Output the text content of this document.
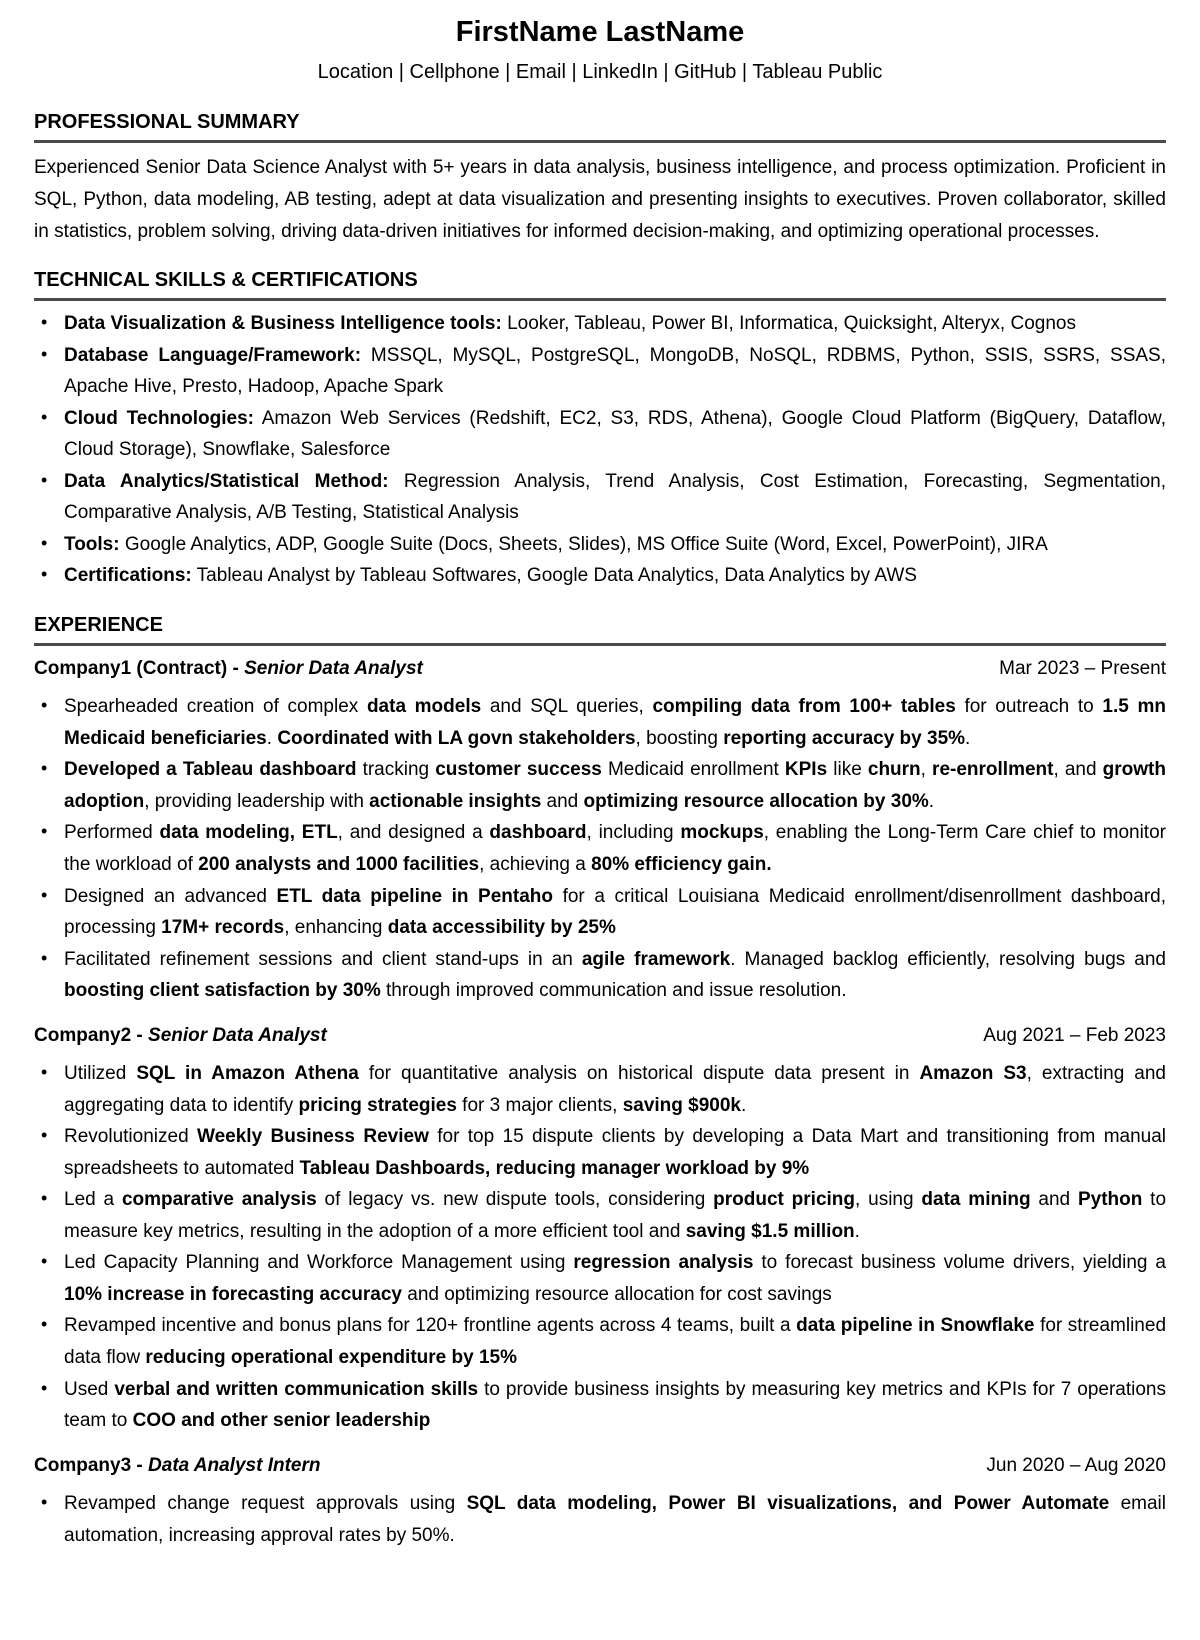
FirstName LastName
Location | Cellphone | Email | LinkedIn | GitHub | Tableau Public
PROFESSIONAL SUMMARY

Experienced Senior Data Science Analyst with 5+ years in data analysis, business intelligence, and process optimization. Proficient in SQL, Python, data modeling, AB testing, adept at data visualization and presenting insights to executives. Proven collaborator, skilled in statistics, problem solving, driving data-driven initiatives for informed decision-making, and optimizing operational processes.

TECHNICAL SKILLS & CERTIFICATIONS
• Data Visualization & Business Intelligence tools: Looker, Tableau, Power BI, Informatica, Quicksight, Alteryx, Cognos
• Database Language/Framework: MSSQL, MySQL, PostgreSQL, MongoDB, NoSQL, RDBMS, Python, SSIS, SSRS, SSAS, Apache Hive, Presto, Hadoop, Apache Spark
• Cloud Technologies: Amazon Web Services (Redshift, EC2, S3, RDS, Athena), Google Cloud Platform (BigQuery, Dataflow, Cloud Storage), Snowflake, Salesforce
• Data Analytics/Statistical Method: Regression Analysis, Trend Analysis, Cost Estimation, Forecasting, Segmentation, Comparative Analysis, A/B Testing, Statistical Analysis
• Tools: Google Analytics, ADP, Google Suite (Docs, Sheets, Slides), MS Office Suite (Word, Excel, PowerPoint), JIRA
• Certifications: Tableau Analyst by Tableau Softwares, Google Data Analytics, Data Analytics by AWS
EXPERIENCE
Company1 (Contract) - Senior Data Analyst	Mar 2023 – Present
• Spearheaded creation of complex data models and SQL queries, compiling data from 100+ tables for outreach to 1.5 mn Medicaid beneficiaries. Coordinated with LA govn stakeholders, boosting reporting accuracy by 35%.
• Developed a Tableau dashboard tracking customer success Medicaid enrollment KPIs like churn, re-enrollment, and growth adoption, providing leadership with actionable insights and optimizing resource allocation by 30%.
• Performed data modeling, ETL, and designed a dashboard, including mockups, enabling the Long-Term Care chief to monitor the workload of 200 analysts and 1000 facilities, achieving a 80% efficiency gain.
• Designed an advanced ETL data pipeline in Pentaho for a critical Louisiana Medicaid enrollment/disenrollment dashboard, processing 17M+ records, enhancing data accessibility by 25%
• Facilitated refinement sessions and client stand-ups in an agile framework. Managed backlog efficiently, resolving bugs and boosting client satisfaction by 30% through improved communication and issue resolution.
Company2 - Senior Data Analyst	Aug 2021 – Feb 2023
• Utilized SQL in Amazon Athena for quantitative analysis on historical dispute data present in Amazon S3, extracting and aggregating data to identify pricing strategies for 3 major clients, saving $900k.
• Revolutionized Weekly Business Review for top 15 dispute clients by developing a Data Mart and transitioning from manual spreadsheets to automated Tableau Dashboards, reducing manager workload by 9%
• Led a comparative analysis of legacy vs. new dispute tools, considering product pricing, using data mining and Python to measure key metrics, resulting in the adoption of a more efficient tool and saving $1.5 million.
• Led Capacity Planning and Workforce Management using regression analysis to forecast business volume drivers, yielding a 10% increase in forecasting accuracy and optimizing resource allocation for cost savings
• Revamped incentive and bonus plans for 120+ frontline agents across 4 teams, built a data pipeline in Snowflake for streamlined data flow reducing operational expenditure by 15%
• Used verbal and written communication skills to provide business insights by measuring key metrics and KPIs for 7 operations team to COO and other senior leadership
Company3 - Data Analyst Intern	Jun 2020 – Aug 2020
• Revamped change request approvals using SQL data modeling, Power BI visualizations, and Power Automate email automation, increasing approval rates by 50%.
